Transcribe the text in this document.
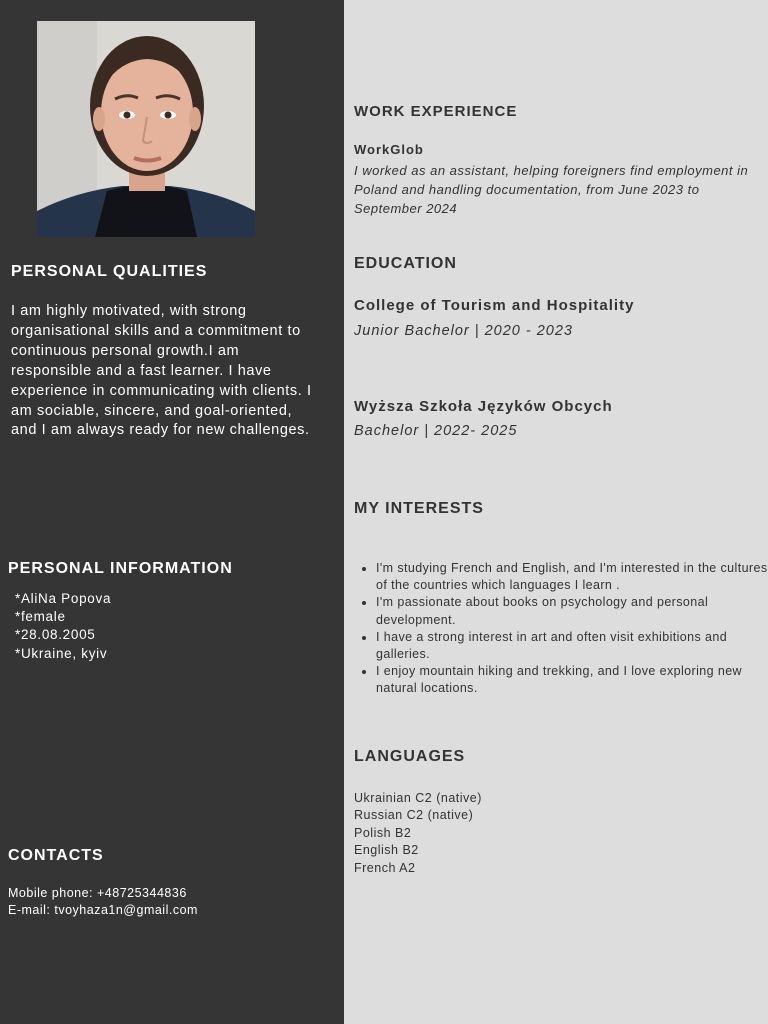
PERSONAL QUALITIES
I am highly motivated, with strong organisational skills and a commitment to continuous personal growth.I am responsible and a fast learner. I have experience in communicating with clients. I am sociable, sincere, and goal-oriented, and I am always ready for new challenges.
PERSONAL INFORMATION
*AliNa Popova
*female
*28.08.2005
*Ukraine, kyiv
CONTACTS
Mobile phone: +48725344836
E-mail: tvoyhaza1n@gmail.com
WORK EXPERIENCE
WorkGlob
I worked as an assistant, helping foreigners find employment in Poland and handling documentation, from June 2023 to September 2024
EDUCATION
College of Tourism and Hospitality
Junior Bachelor | 2020 - 2023
Wyższa Szkoła Języków Obcych
Bachelor | 2022- 2025
MY INTERESTS
• I'm studying French and English, and I'm interested in the cultures of the countries which languages I learn .
• I'm passionate about books on psychology and personal development.
• I have a strong interest in art and often visit exhibitions and galleries.
• I enjoy mountain hiking and trekking, and I love exploring new natural locations.
LANGUAGES
Ukrainian C2 (native)
Russian C2 (native)
Polish B2
English B2
French A2
